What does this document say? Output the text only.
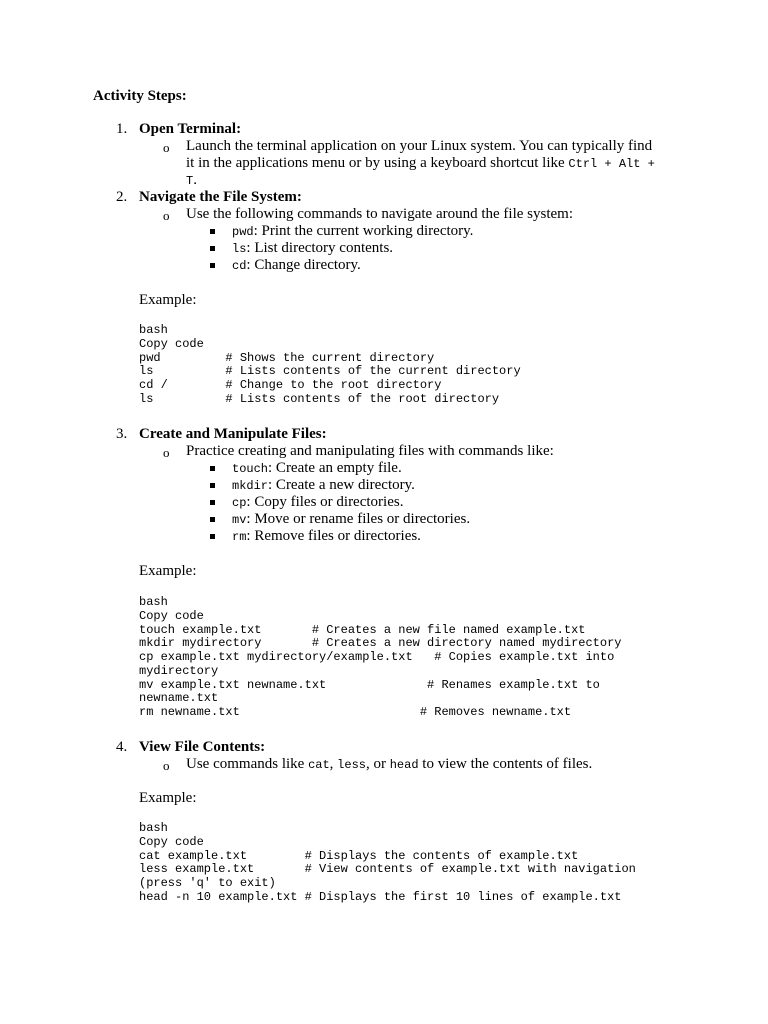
Activity Steps:
1. Open Terminal:
o Launch the terminal application on your Linux system. You can typically find
it in the applications menu or by using a keyboard shortcut like Ctrl + Alt +
T.
2. Navigate the File System:
o Use the following commands to navigate around the file system:
pwd: Print the current working directory.
ls: List directory contents.
cd: Change directory.
Example:
bash
Copy code
pwd         # Shows the current directory
ls          # Lists contents of the current directory
cd /        # Change to the root directory
ls          # Lists contents of the root directory
3. Create and Manipulate Files:
o Practice creating and manipulating files with commands like:
touch: Create an empty file.
mkdir: Create a new directory.
cp: Copy files or directories.
mv: Move or rename files or directories.
rm: Remove files or directories.
Example:
bash
Copy code
touch example.txt       # Creates a new file named example.txt
mkdir mydirectory       # Creates a new directory named mydirectory
cp example.txt mydirectory/example.txt   # Copies example.txt into
mydirectory
mv example.txt newname.txt              # Renames example.txt to
newname.txt
rm newname.txt                         # Removes newname.txt
4. View File Contents:
o Use commands like cat, less, or head to view the contents of files.
Example:
bash
Copy code
cat example.txt        # Displays the contents of example.txt
less example.txt       # View contents of example.txt with navigation
(press 'q' to exit)
head -n 10 example.txt # Displays the first 10 lines of example.txt
